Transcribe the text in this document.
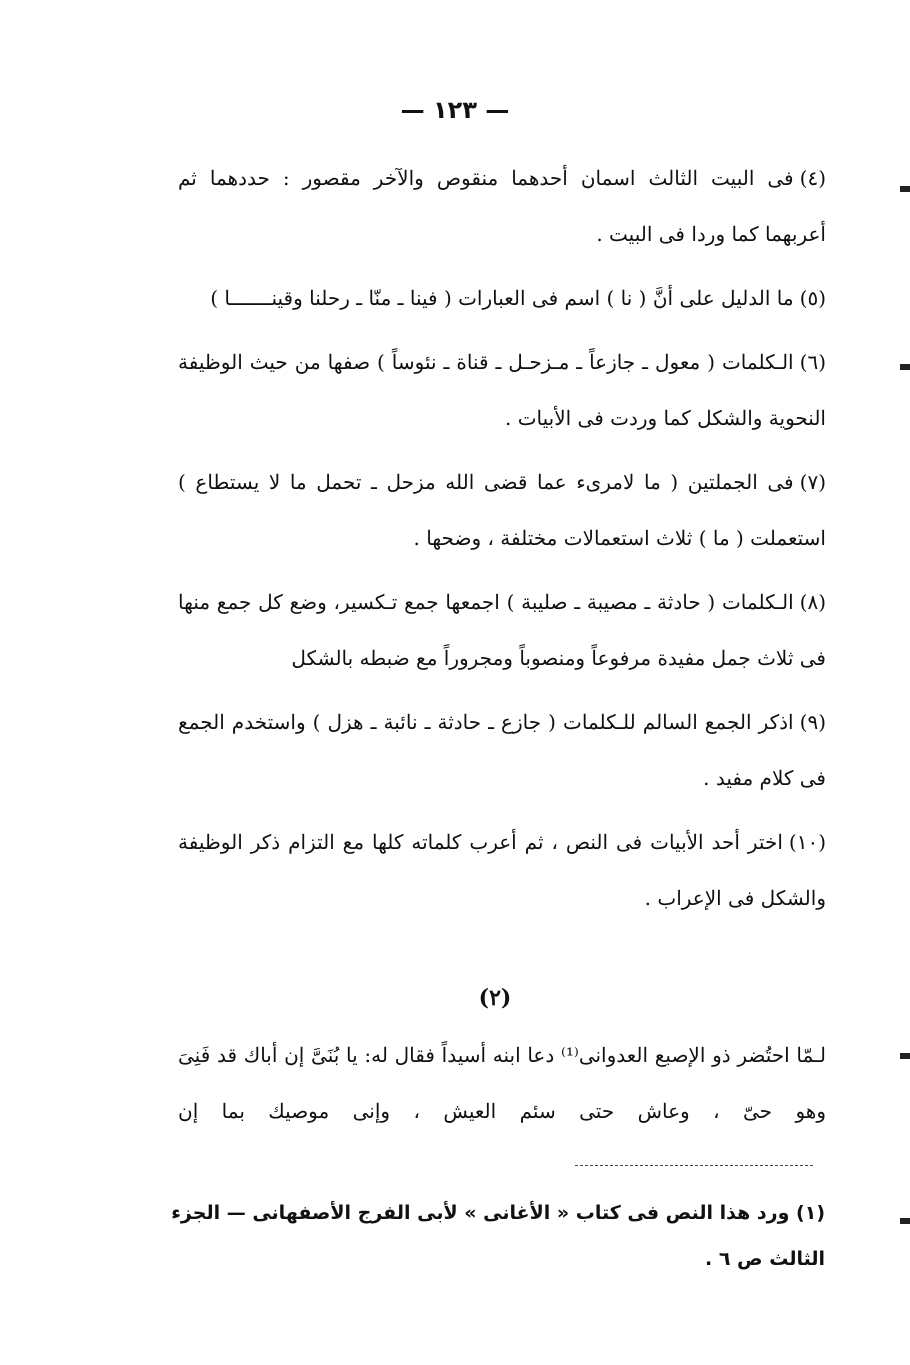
— ١٢٣ —

(٤)فى البيت الثالث اسمان أحدهما منقوص والآخر مقصور : حددهما ثم أعربهما كما وردا فى البيت .

(٥)ما الدليل على أنَّ ( نا ) اسم فى العبارات ( فينا ـ منّا ـ رحلنا وقينـــــــا )

(٦)الـكلمات ( معول ـ جازعاً ـ مـزحـل ـ قناة ـ نئوساً ) صفها من حيث الوظيفة النحوية والشكل كما وردت فى الأبيات .

(٧)فى الجملتين ( ما لامرىء عما قضى الله مزحل ـ تحمل ما لا يستطاع ) استعملت ( ما ) ثلاث استعمالات مختلفة ، وضحها .

(٨)الـكلمات ( حادثة ـ مصيبة ـ صليبة ) اجمعها جمع تـكسير، وضع كل جمع منها فى ثلاث جمل مفيدة مرفوعاً ومنصوباً ومجروراً مع ضبطه بالشكل

(٩)اذكر الجمع السالم للـكلمات ( جازع ـ حادثة ـ نائبة ـ هزل ) واستخدم الجمع فى كلام مفيد .

(١٠)اختر أحد الأبيات فى النص ، ثم أعرب كلماته كلها مع التزام ذكر الوظيفة والشكل فى الإعراب .

(٢)
لـمّا احتُضر ذو الإصبع العدوانى⁽¹⁾ دعا ابنه أسيداً فقال له: يا بُنَىَّ إن أباك قد فَنِىَ وهو حىّ ، وعاش حتى سئم العيش ، وإنى موصيك بما إن
(١) ورد هذا النص فى كتاب « الأغانى » لأبى الفرج الأصفهانى — الجزء الثالث ص ٦ .
